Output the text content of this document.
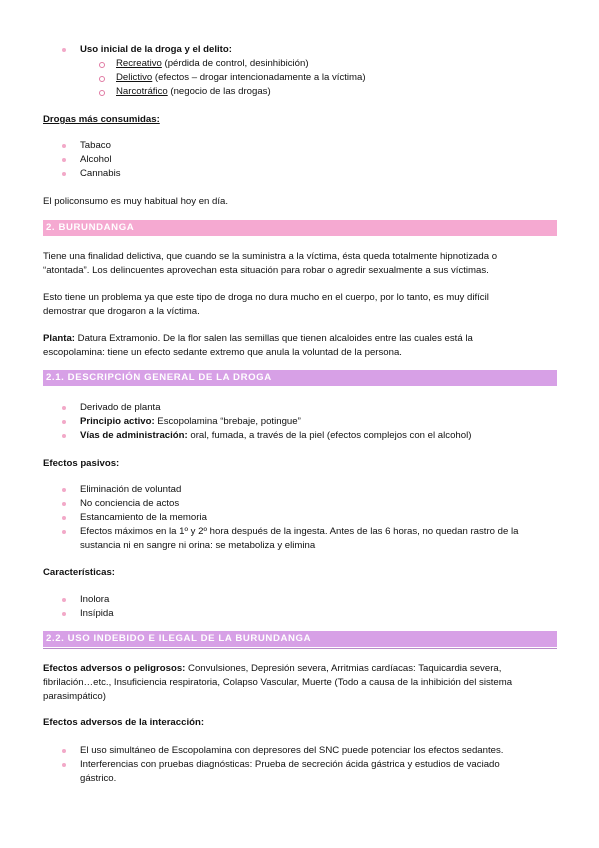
Uso inicial de la droga y el delito:
Recreativo (pérdida de control, desinhibición)
Delictivo (efectos – drogar intencionadamente a la víctima)
Narcotráfico (negocio de las drogas)
Drogas más consumidas:
Tabaco
Alcohol
Cannabis
El policonsumo es muy habitual hoy en día.
2. BURUNDANGA
Tiene una finalidad delictiva, que cuando se la suministra a la víctima, ésta queda totalmente hipnotizada o
“atontada”. Los delincuentes aprovechan esta situación para robar o agredir sexualmente a sus víctimas.
Esto tiene un problema ya que este tipo de droga no dura mucho en el cuerpo, por lo tanto, es muy difícil
demostrar que drogaron a la víctima.
Planta: Datura Extramonio. De la flor salen las semillas que tienen alcaloides entre las cuales está la
escopolamina: tiene un efecto sedante extremo que anula la voluntad de la persona.
2.1. DESCRIPCIÓN GENERAL DE LA DROGA
Derivado de planta
Principio activo: Escopolamina “brebaje, potingue”
Vías de administración: oral, fumada, a través de la piel (efectos complejos con el alcohol)
Efectos pasivos:
Eliminación de voluntad
No conciencia de actos
Estancamiento de la memoria
Efectos máximos en la 1º y 2º hora después de la ingesta. Antes de las 6 horas, no quedan rastro de la
sustancia ni en sangre ni orina: se metaboliza y elimina
Características:
Inolora
Insípida
2.2. USO INDEBIDO E ILEGAL DE LA BURUNDANGA
Efectos adversos o peligrosos: Convulsiones, Depresión severa, Arritmias cardíacas: Taquicardia severa,
fibrilación…etc., Insuficiencia respiratoria, Colapso Vascular, Muerte (Todo a causa de la inhibición del sistema
parasimpático)
Efectos adversos de la interacción:
El uso simultáneo de Escopolamina con depresores del SNC puede potenciar los efectos sedantes.
Interferencias con pruebas diagnósticas: Prueba de secreción ácida gástrica y estudios de vaciado
gástrico.
